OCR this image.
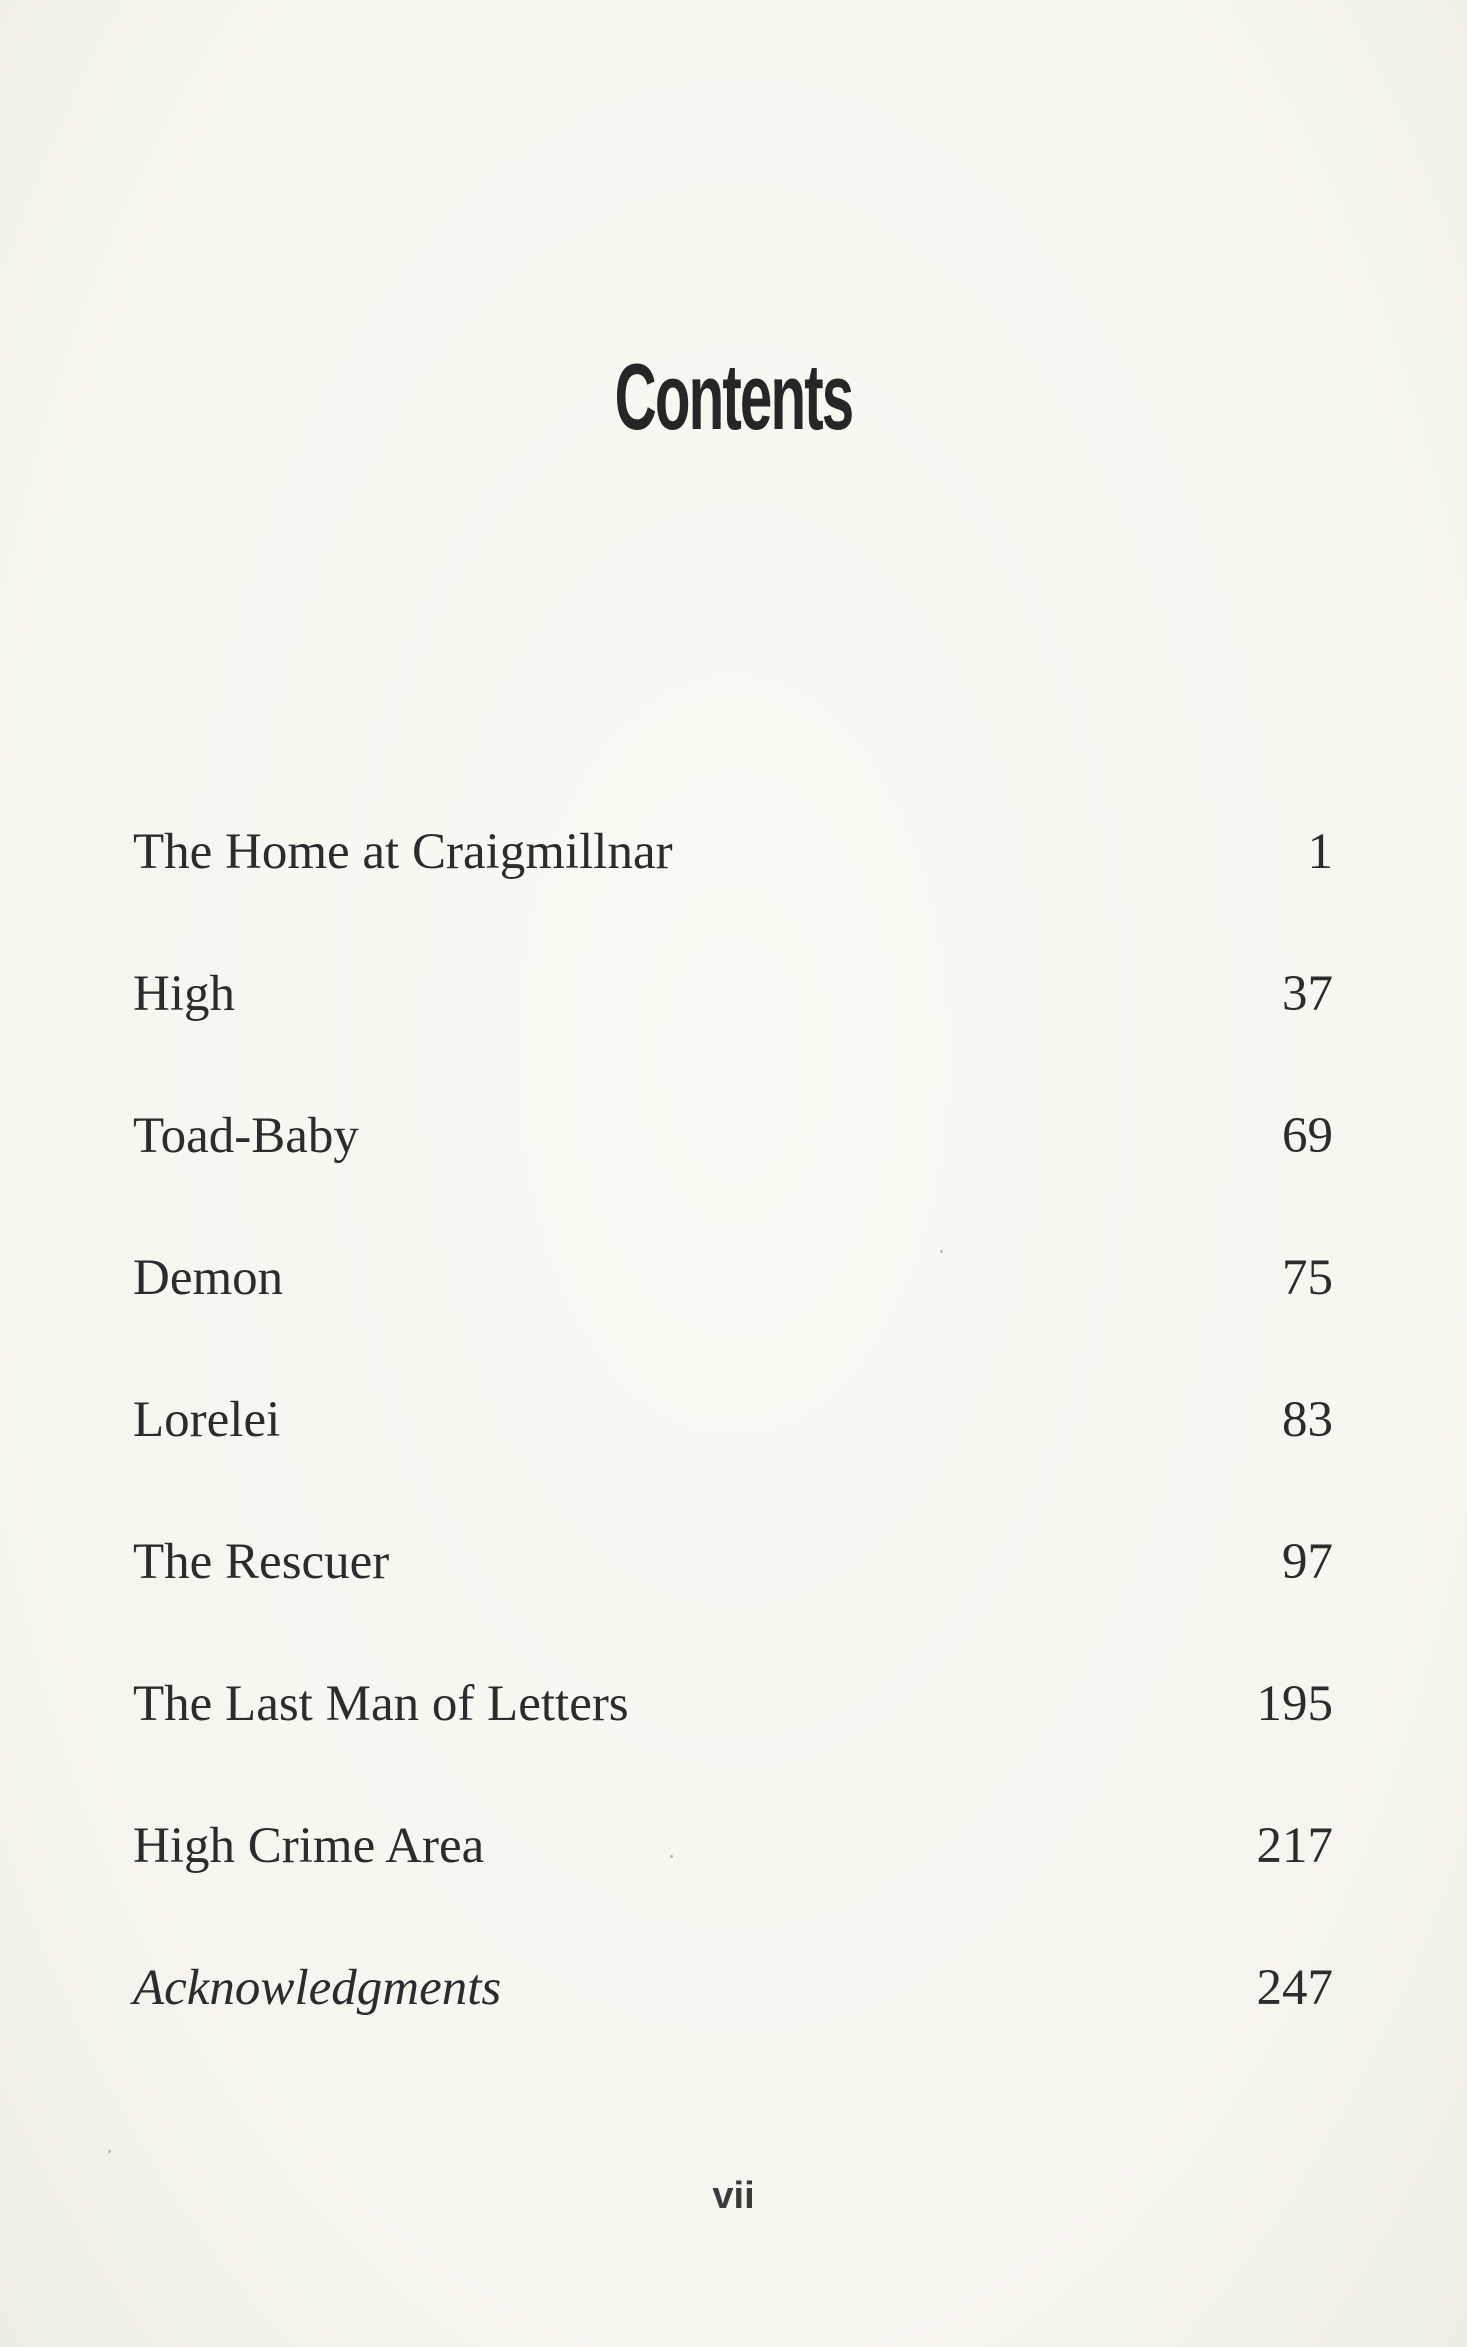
Contents
The Home at Craigmillnar	1
High	37
Toad-Baby	69
Demon	75
Lorelei	83
The Rescuer	97
The Last Man of Letters	195
High Crime Area	217
Acknowledgments	247
vii
